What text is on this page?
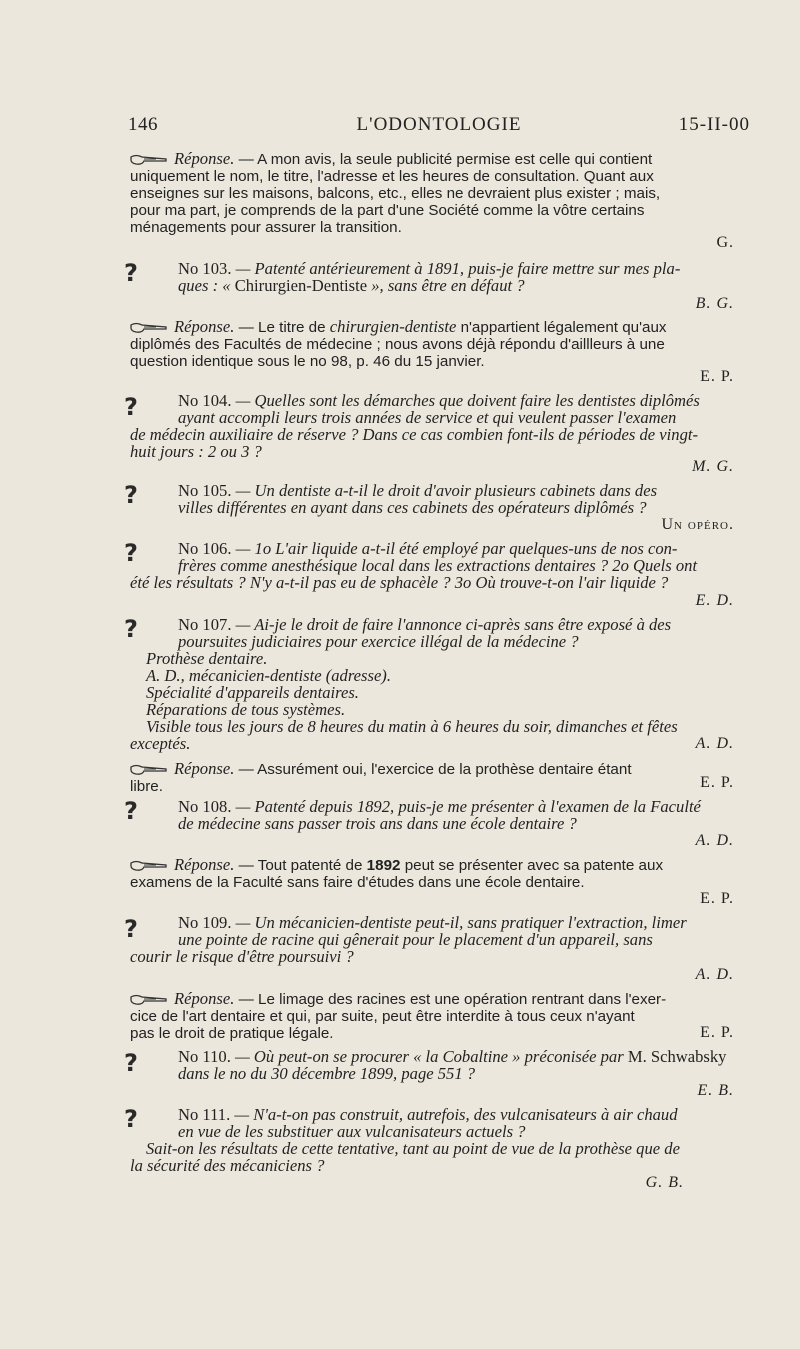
146	L'ODONTOLOGIE	15-II-00
Réponse. — A mon avis, la seule publicité permise est celle qui contient
uniquement le nom, le titre, l'adresse et les heures de consultation. Quant aux
enseignes sur les maisons, balcons, etc., elles ne devraient plus exister ; mais,
pour ma part, je comprends de la part d'une Société comme la vôtre certains
ménagements pour assurer la transition.
G.
?	No 103. — Patenté antérieurement à 1891, puis-je faire mettre sur mes pla-
ques : « Chirurgien-Dentiste », sans être en défaut ?
B. G.
Réponse. — Le titre de chirurgien-dentiste n'appartient légalement qu'aux
diplômés des Facultés de médecine ; nous avons déjà répondu d'aillleurs à une
question identique sous le no 98, p. 46 du 15 janvier.
E. P.
?	No 104. — Quelles sont les démarches que doivent faire les dentistes diplômés
ayant accompli leurs trois années de service et qui veulent passer l'examen
de médecin auxiliaire de réserve ? Dans ce cas combien font-ils de périodes de vingt-
huit jours : 2 ou 3 ?
M. G.
?	No 105. — Un dentiste a-t-il le droit d'avoir plusieurs cabinets dans des
villes différentes en ayant dans ces cabinets des opérateurs diplômés ?
Un opéro.
?	No 106. — 1o L'air liquide a-t-il été employé par quelques-uns de nos con-
frères comme anesthésique local dans les extractions dentaires ? 2o Quels ont
été les résultats ? N'y a-t-il pas eu de sphacèle ? 3o Où trouve-t-on l'air liquide ?
E. D.
?	No 107. — Ai-je le droit de faire l'annonce ci-après sans être exposé à des
poursuites judiciaires pour exercice illégal de la médecine ?
Prothèse dentaire.
A. D., mécanicien-dentiste (adresse).
Spécialité d'appareils dentaires.
Réparations de tous systèmes.
Visible tous les jours de 8 heures du matin à 6 heures du soir, dimanches et fêtes
exceptés.	A. D.
Réponse. — Assurément oui, l'exercice de la prothèse dentaire étant
libre.	E. P.
?	No 108. — Patenté depuis 1892, puis-je me présenter à l'examen de la Faculté
de médecine sans passer trois ans dans une école dentaire ?
A. D.
Réponse. — Tout patenté de 1892 peut se présenter avec sa patente aux
examens de la Faculté sans faire d'études dans une école dentaire.
E. P.
?	No 109. — Un mécanicien-dentiste peut-il, sans pratiquer l'extraction, limer
une pointe de racine qui gênerait pour le placement d'un appareil, sans
courir le risque d'être poursuivi ?
A. D.
Réponse. — Le limage des racines est une opération rentrant dans l'exer-
cice de l'art dentaire et qui, par suite, peut être interdite à tous ceux n'ayant
pas le droit de pratique légale.	E. P.
?	No 110. — Où peut-on se procurer « la Cobaltine » préconisée par M. Schwabsky
dans le no du 30 décembre 1899, page 551 ?
E. B.
?	No 111. — N'a-t-on pas construit, autrefois, des vulcanisateurs à air chaud
en vue de les substituer aux vulcanisateurs actuels ?
Sait-on les résultats de cette tentative, tant au point de vue de la prothèse que de
la sécurité des mécaniciens ?
G. B.
